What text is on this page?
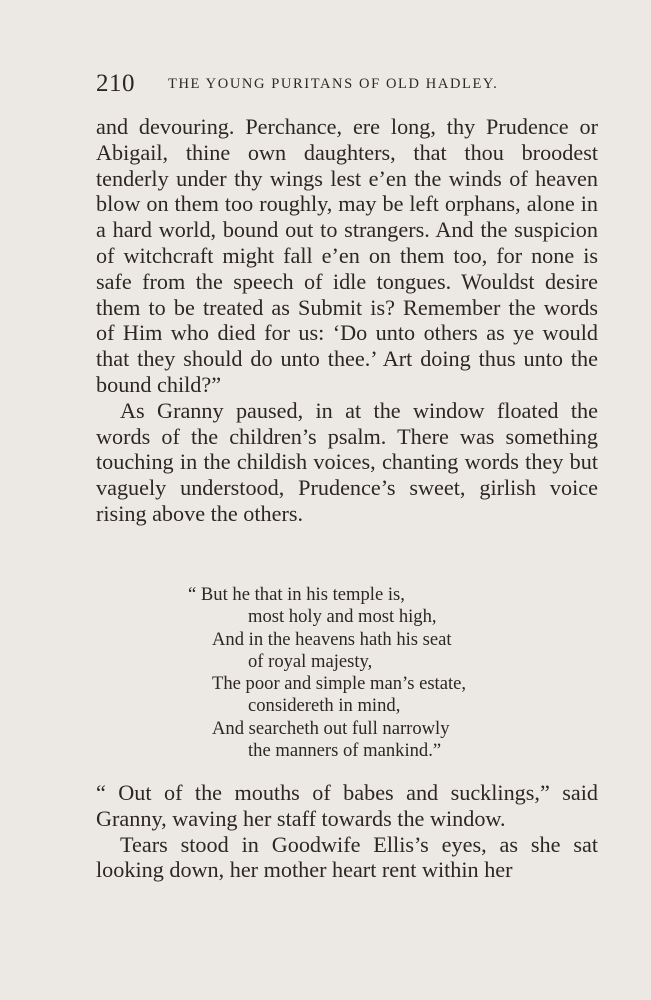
210 THE YOUNG PURITANS OF OLD HADLEY.

and devouring. Perchance, ere long, thy Prudence or Abigail, thine own daughters, that thou broodest tenderly under thy wings lest e’en the winds of heaven blow on them too roughly, may be left orphans, alone in a hard world, bound out to strangers. And the suspicion of witchcraft might fall e’en on them too, for none is safe from the speech of idle tongues. Wouldst desire them to be treated as Submit is? Remember the words of Him who died for us: ‘Do unto others as ye would that they should do unto thee.’ Art doing thus unto the bound child?”

As Granny paused, in at the window floated the words of the children’s psalm. There was something touching in the childish voices, chanting words they but vaguely understood, Prudence’s sweet, girlish voice rising above the others.

“ But he that in his temple is,
most holy and most high,
And in the heavens hath his seat
of royal majesty,
The poor and simple man’s estate,
considereth in mind,
And searcheth out full narrowly
the manners of mankind.”

“ Out of the mouths of babes and sucklings,” said Granny, waving her staff towards the window.

Tears stood in Goodwife Ellis’s eyes, as she sat looking down, her mother heart rent within her
